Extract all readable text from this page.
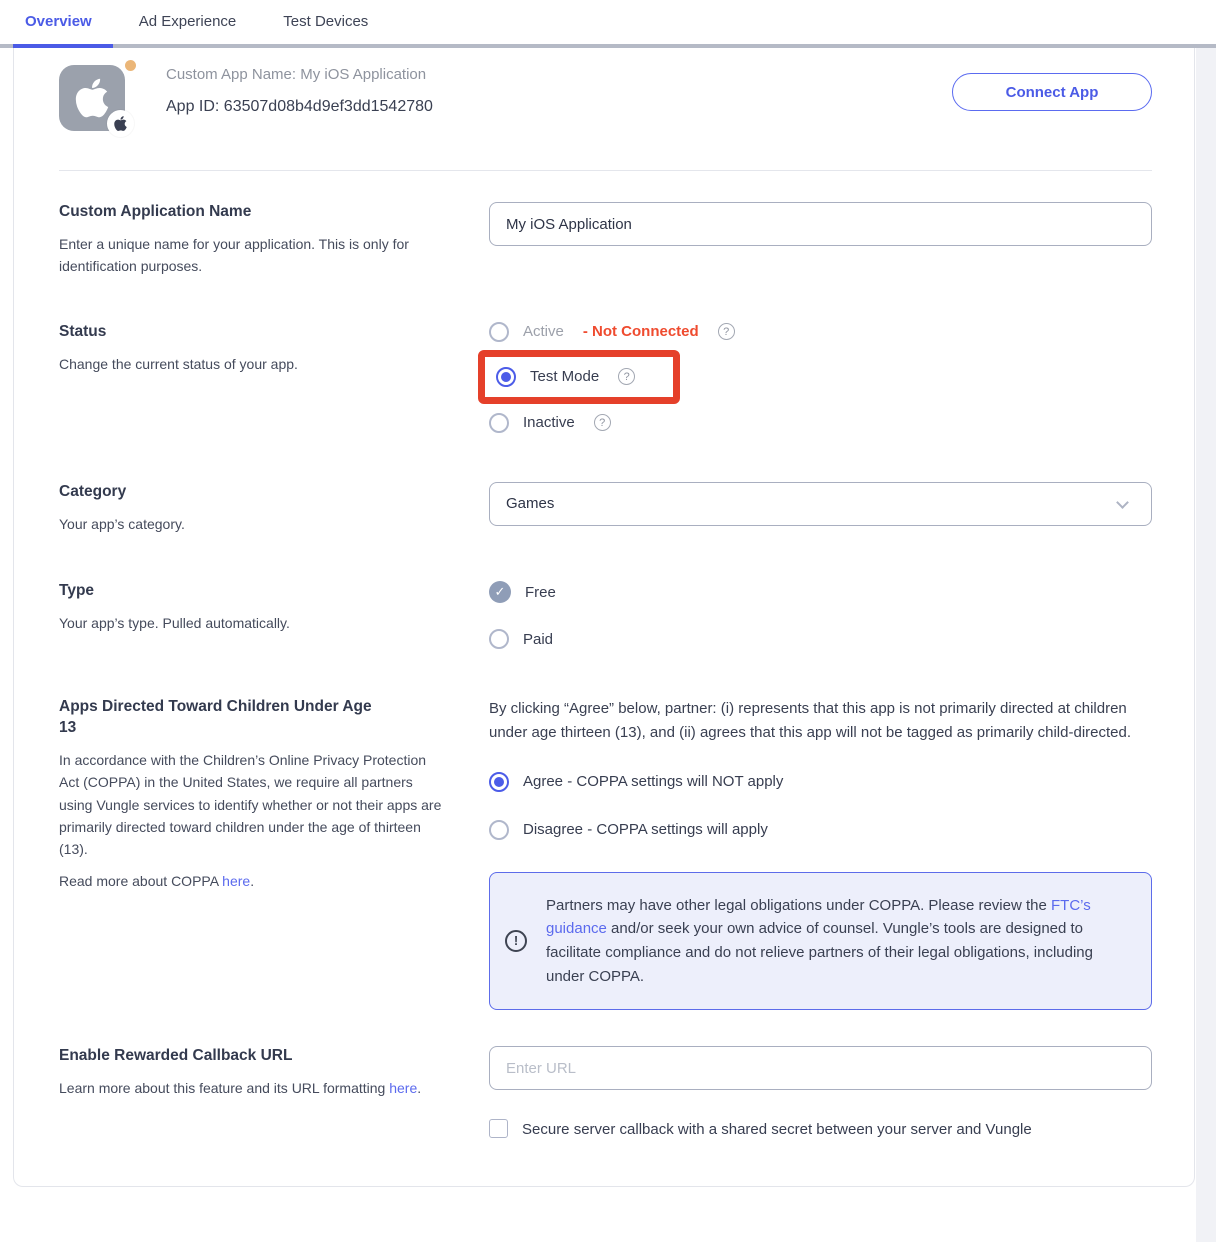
Overview	Ad Experience	Test Devices
Custom App Name: My iOS Application
App ID: 63507d08b4d9ef3dd1542780
Connect App
Custom Application Name
Enter a unique name for your application. This is only for identification purposes.
My iOS Application
Status
Change the current status of your app.
Active - Not Connected	?
Test Mode	?
Inactive	?
Category
Your app’s category.
Games
Type
Your app’s type. Pulled automatically.
✓	Free
Paid
Apps Directed Toward Children Under Age 13
In accordance with the Children’s Online Privacy Protection Act (COPPA) in the United States, we require all partners using Vungle services to identify whether or not their apps are primarily directed toward children under the age of thirteen (13).
Read more about COPPA here.
By clicking “Agree” below, partner: (i) represents that this app is not primarily directed at children under age thirteen (13), and (ii) agrees that this app will not be tagged as primarily child-directed.
Agree - COPPA settings will NOT apply
Disagree - COPPA settings will apply
!
Partners may have other legal obligations under COPPA. Please review the FTC’s guidance and/or seek your own advice of counsel. Vungle’s tools are designed to facilitate compliance and do not relieve partners of their legal obligations, including under COPPA.
Enable Rewarded Callback URL
Learn more about this feature and its URL formatting here.
Enter URL
Secure server callback with a shared secret between your server and Vungle
